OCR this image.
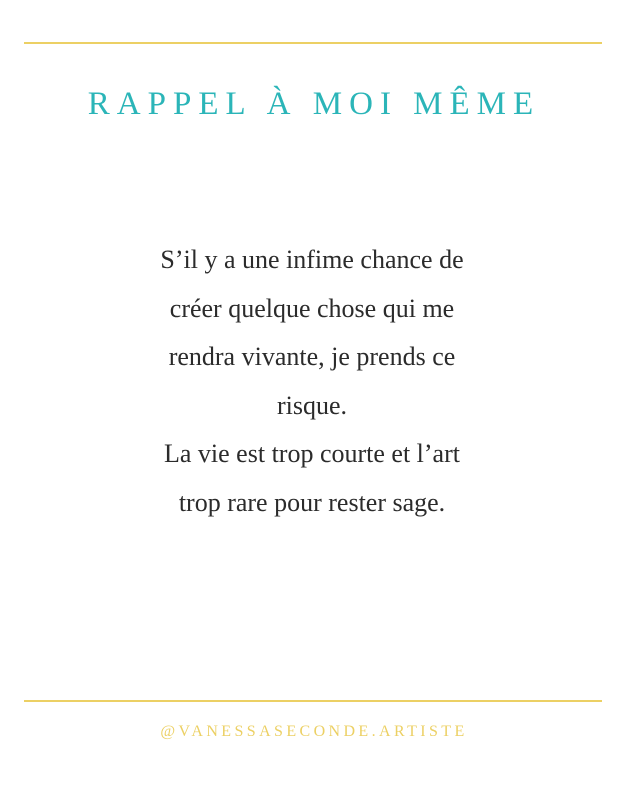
RAPPEL À MOI MÊME
S’il y a une infime chance de
créer quelque chose qui me
rendra vivante, je prends ce
risque.
La vie est trop courte et l’art
trop rare pour rester sage.
@VANESSASECONDE.ARTISTE
